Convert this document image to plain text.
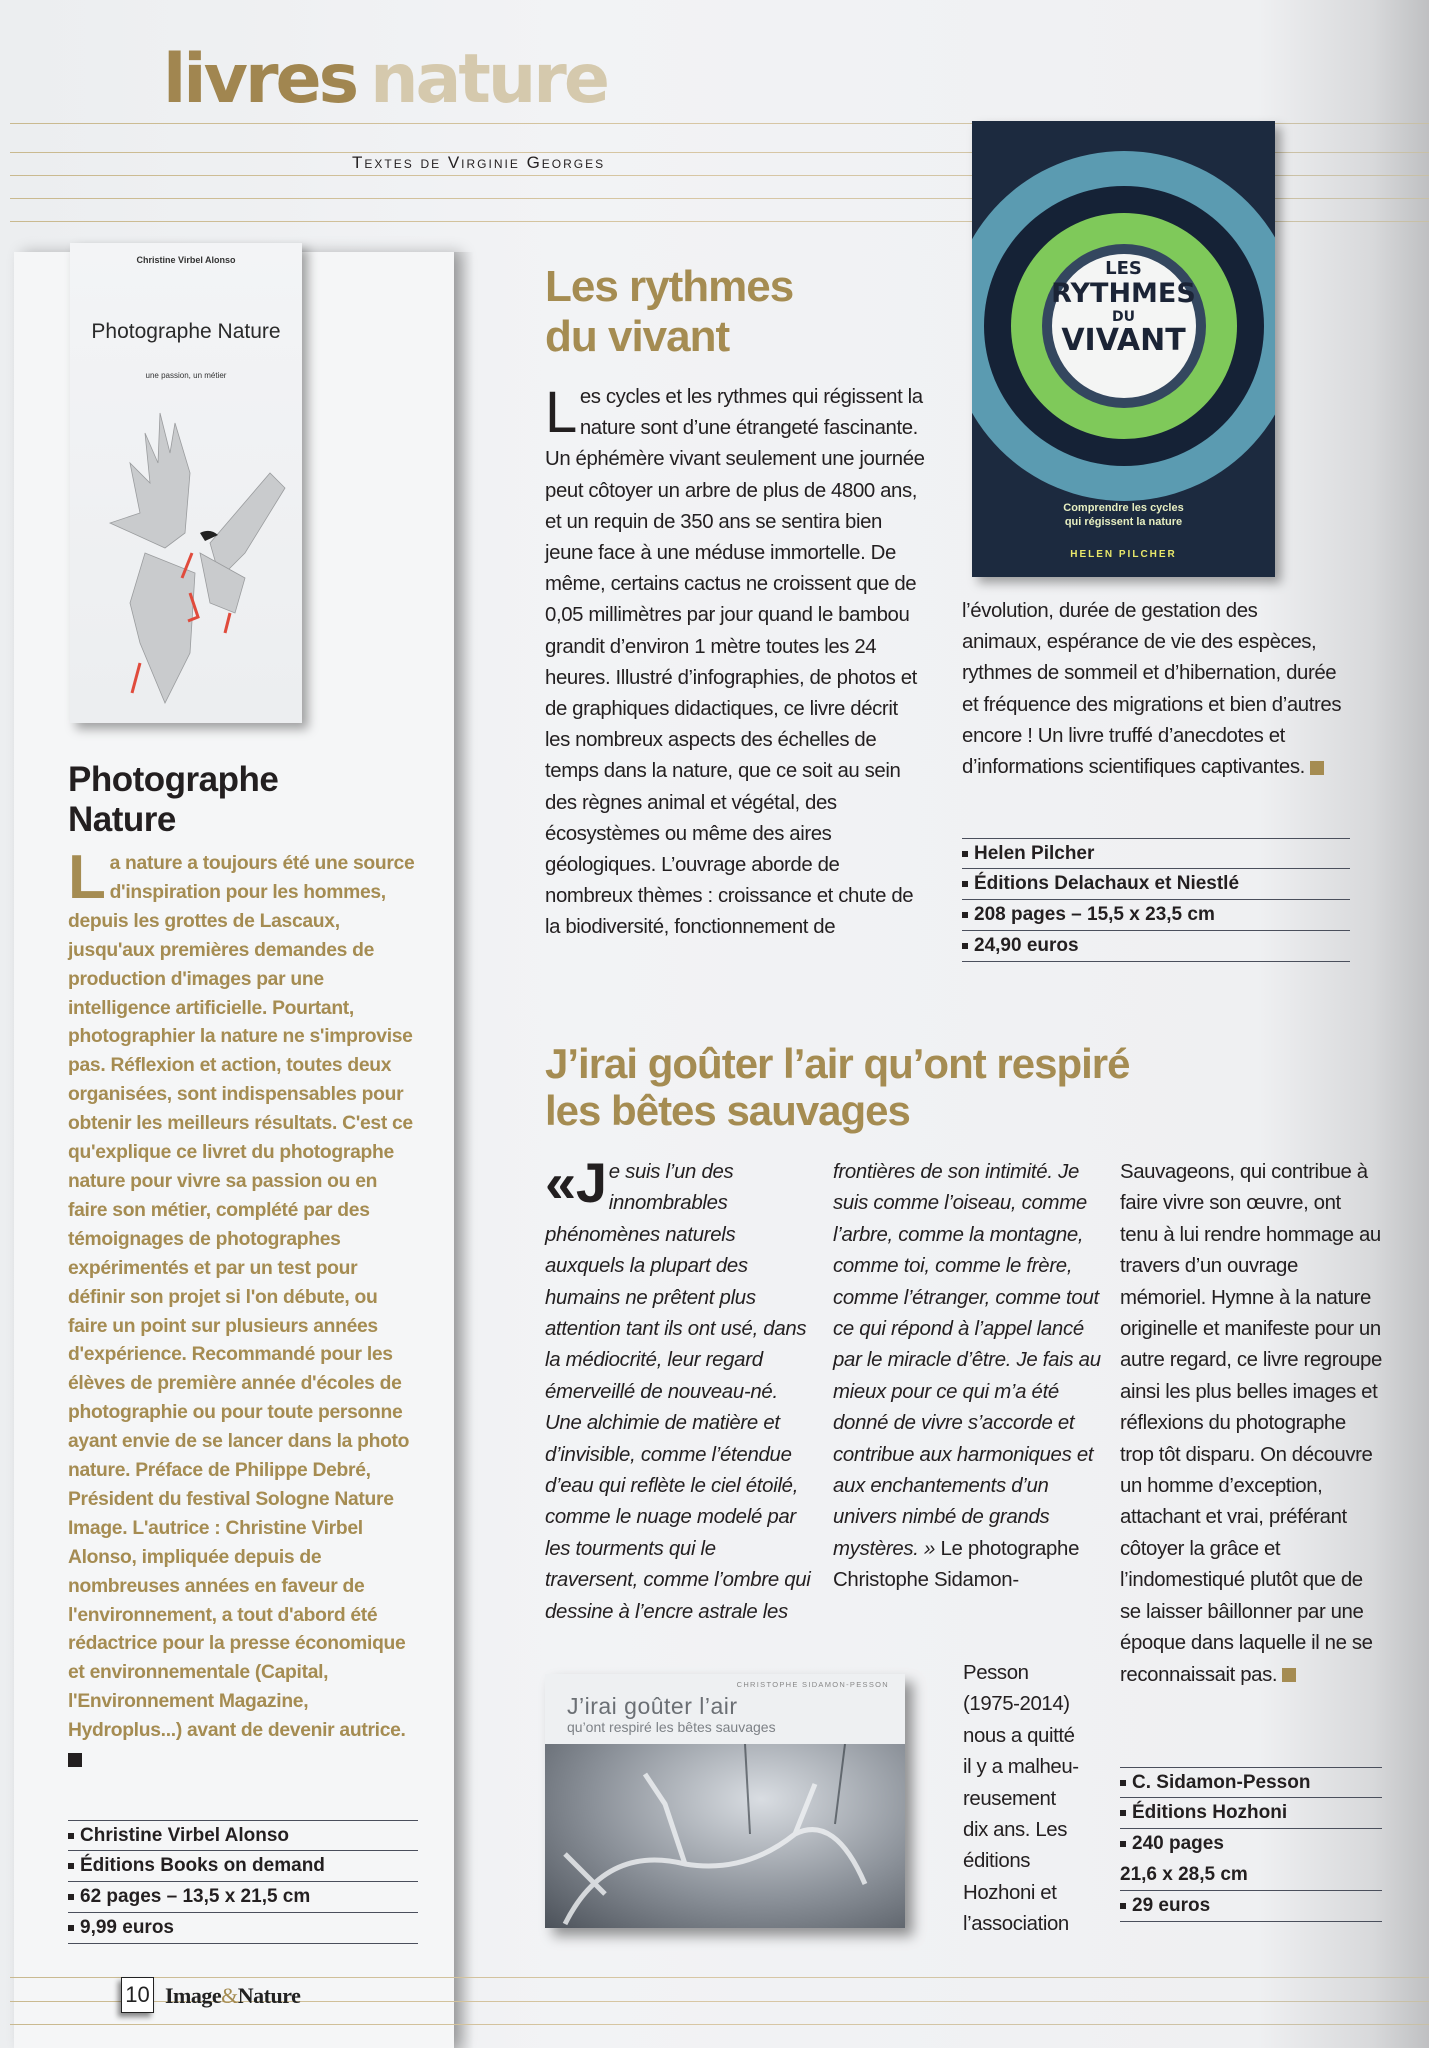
livres nature
Textes de Virginie Georges
Christine Virbel Alonso
Photographe Nature
une passion, un métier
Photographe
Nature
La nature a toujours été une source d'inspiration pour les hommes, depuis les grottes de Lascaux, jusqu'aux premières demandes de production d'images par une intelligence artificielle. Pourtant, photographier la nature ne s'improvise pas. Réflexion et action, toutes deux organisées, sont indispensables pour obtenir les meilleurs résultats. C'est ce qu'explique ce livret du photographe nature pour vivre sa passion ou en faire son métier, complété par des témoignages de photographes expérimentés et par un test pour définir son projet si l'on débute, ou faire un point sur plusieurs années d'expérience. Recommandé pour les élèves de première année d'écoles de photographie ou pour toute personne ayant envie de se lancer dans la photo nature. Préface de Philippe Debré, Président du festival Sologne Nature Image. L'autrice : Christine Virbel Alonso, impliquée depuis de nombreuses années en faveur de l'environnement, a tout d'abord été rédactrice pour la presse économique et environnementale (Capital, l'Environnement Magazine, Hydroplus...) avant de devenir autrice.
Christine Virbel Alonso
Éditions Books on demand
62 pages – 13,5 x 21,5 cm
9,99 euros
Les rythmes
du vivant
Les cycles et les rythmes qui régissent la nature sont d’une étrangeté fascinante. Un éphémère vivant seulement une journée peut côtoyer un arbre de plus de 4800 ans, et un requin de 350 ans se sentira bien jeune face à une méduse immortelle. De même, certains cactus ne croissent que de 0,05 millimètres par jour quand le bambou grandit d’environ 1 mètre toutes les 24 heures. Illustré d’infographies, de photos et de graphiques didactiques, ce livre décrit les nombreux aspects des échelles de temps dans la nature, que ce soit au sein des règnes animal et végétal, des écosystèmes ou même des aires géologiques. L’ouvrage aborde de nombreux thèmes : croissance et chute de la biodiversité, fonctionnement de
LES
RYTHMES
DU
VIVANT
Comprendre les cycles
qui régissent la nature
HELEN PILCHER
l’évolution, durée de gestation des animaux, espérance de vie des espèces, rythmes de sommeil et d’hibernation, durée et fréquence des migrations et bien d’autres encore ! Un livre truffé d’anecdotes et d’informations scientifiques captivantes.
Helen Pilcher
Éditions Delachaux et Niestlé
208 pages – 15,5 x 23,5 cm
24,90 euros
J’irai goûter l’air qu’ont respiré
les bêtes sauvages
«J e suis l’un des innombrables phénomènes naturels auxquels la plupart des humains ne prêtent plus attention tant ils ont usé, dans la médiocrité, leur regard émerveillé de nouveau-né. Une alchimie de matière et d’invisible, comme l’étendue d’eau qui reflète le ciel étoilé, comme le nuage modelé par les tourments qui le traversent, comme l’ombre qui dessine à l’encre astrale les
frontières de son intimité. Je suis comme l’oiseau, comme l’arbre, comme la montagne, comme toi, comme le frère, comme l’étranger, comme tout ce qui répond à l’appel lancé par le miracle d’être. Je fais au mieux pour ce qui m’a été donné de vivre s’accorde et contribue aux harmoniques et aux enchantements d’un univers nimbé de grands mystères. » Le photographe Christophe Sidamon-
Pesson
(1975-2014)
nous a quitté
il y a malheu-
reusement
dix ans. Les
éditions
Hozhoni et
l’association
Sauvageons, qui contribue à faire vivre son œuvre, ont tenu à lui rendre hommage au travers d’un ouvrage mémoriel. Hymne à la nature originelle et manifeste pour un autre regard, ce livre regroupe ainsi les plus belles images et réflexions du photographe trop tôt disparu. On découvre un homme d’exception, attachant et vrai, préférant côtoyer la grâce et l’indomestiqué plutôt que de se laisser bâillonner par une époque dans laquelle il ne se reconnaissait pas.
CHRISTOPHE SIDAMON-PESSON
J’irai goûter l’air
qu’ont respiré les bêtes sauvages
C. Sidamon-Pesson
Éditions Hozhoni
240 pages
21,6 x 28,5 cm
29 euros
10 Image&Nature
